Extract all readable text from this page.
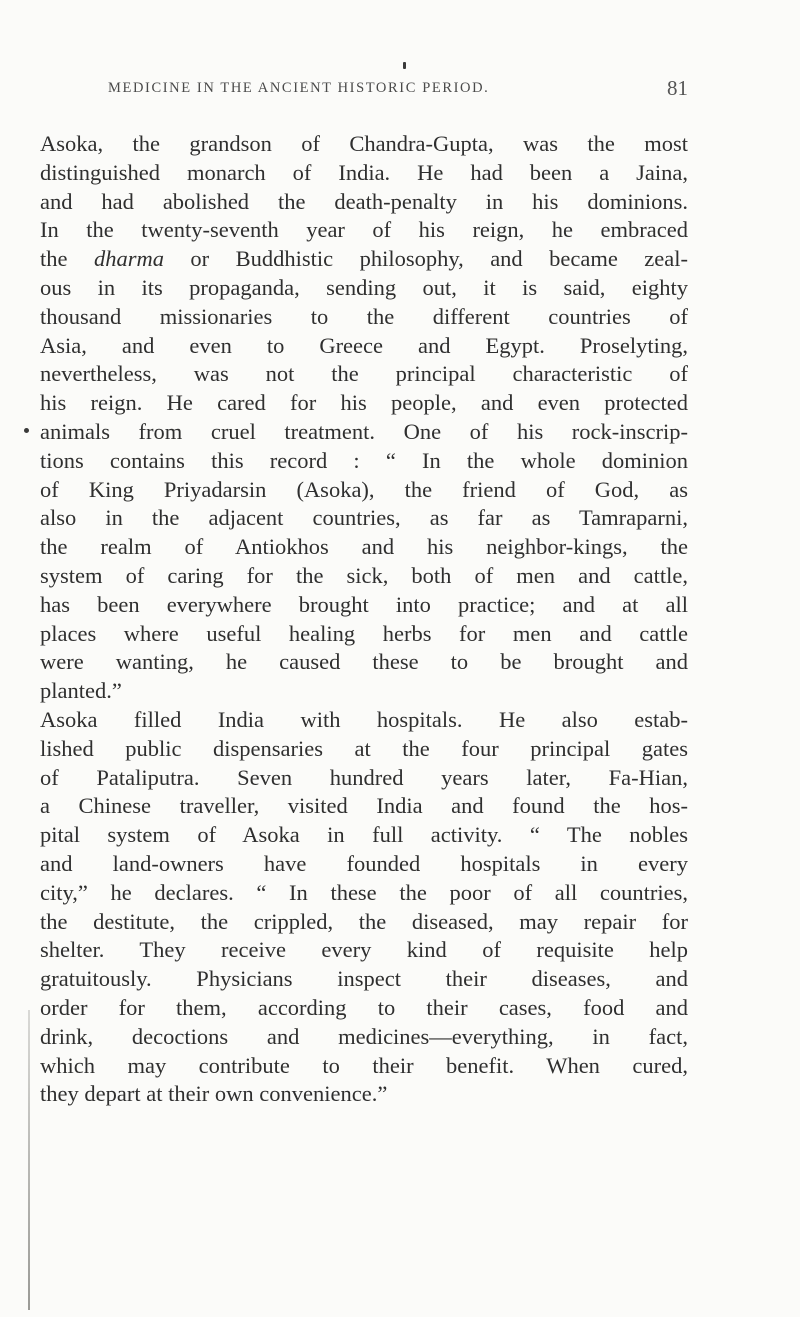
MEDICINE IN THE ANCIENT HISTORIC PERIOD.	81
Asoka, the grandson of Chandra-Gupta, was the most
distinguished monarch of India. He had been a Jaina,
and had abolished the death-penalty in his dominions.
In the twenty-seventh year of his reign, he embraced
the dharma or Buddhistic philosophy, and became zeal-
ous in its propaganda, sending out, it is said, eighty
thousand missionaries to the different countries of
Asia, and even to Greece and Egypt. Proselyting,
nevertheless, was not the principal characteristic of
his reign. He cared for his people, and even protected
animals from cruel treatment. One of his rock-inscrip-
tions contains this record : “ In the whole dominion
of King Priyadarsin (Asoka), the friend of God, as
also in the adjacent countries, as far as Tamraparni,
the realm of Antiokhos and his neighbor-kings, the
system of caring for the sick, both of men and cattle,
has been everywhere brought into practice; and at all
places where useful healing herbs for men and cattle
were wanting, he caused these to be brought and
planted.”
Asoka filled India with hospitals. He also estab-
lished public dispensaries at the four principal gates
of Pataliputra. Seven hundred years later, Fa-Hian,
a Chinese traveller, visited India and found the hos-
pital system of Asoka in full activity. “ The nobles
and land-owners have founded hospitals in every
city,” he declares. “ In these the poor of all countries,
the destitute, the crippled, the diseased, may repair for
shelter. They receive every kind of requisite help
gratuitously. Physicians inspect their diseases, and
order for them, according to their cases, food and
drink, decoctions and medicines—everything, in fact,
which may contribute to their benefit. When cured,
they depart at their own convenience.”
